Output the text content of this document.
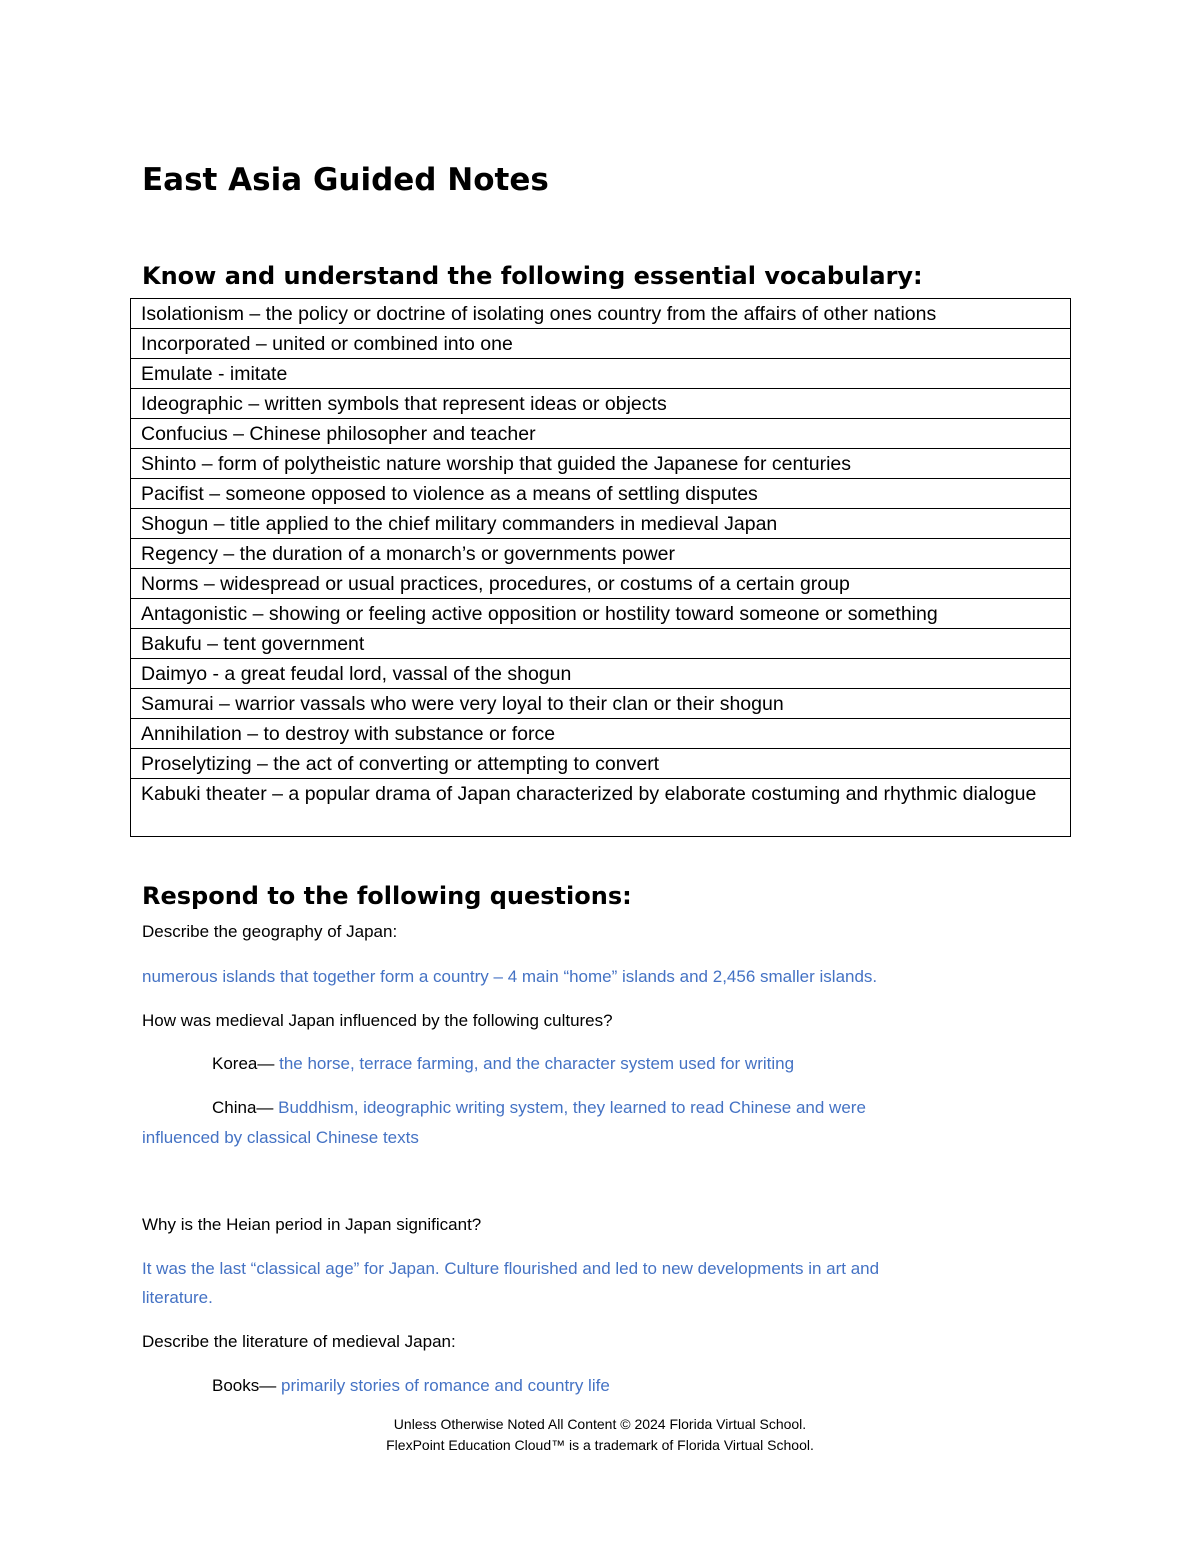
East Asia Guided Notes
Know and understand the following essential vocabulary:
Isolationism – the policy or doctrine of isolating ones country from the affairs of other nations
Incorporated – united or combined into one
Emulate - imitate
Ideographic – written symbols that represent ideas or objects
Confucius – Chinese philosopher and teacher
Shinto – form of polytheistic nature worship that guided the Japanese for centuries
Pacifist – someone opposed to violence as a means of settling disputes
Shogun – title applied to the chief military commanders in medieval Japan
Regency – the duration of a monarch’s or governments power
Norms – widespread or usual practices, procedures, or costums of a certain group
Antagonistic – showing or feeling active opposition or hostility toward someone or something
Bakufu – tent government
Daimyo - a great feudal lord, vassal of the shogun
Samurai – warrior vassals who were very loyal to their clan or their shogun
Annihilation – to destroy with substance or force
Proselytizing – the act of converting or attempting to convert
Kabuki theater – a popular drama of Japan characterized by elaborate costuming and rhythmic dialogue
Respond to the following questions:
Describe the geography of Japan:
numerous islands that together form a country – 4 main “home” islands and 2,456 smaller islands.
How was medieval Japan influenced by the following cultures?
Korea— the horse, terrace farming, and the character system used for writing
China— Buddhism, ideographic writing system, they learned to read Chinese and were
influenced by classical Chinese texts
Why is the Heian period in Japan significant?
It was the last “classical age” for Japan. Culture flourished and led to new developments in art and
literature.
Describe the literature of medieval Japan:
Books— primarily stories of romance and country life
Unless Otherwise Noted All Content © 2024 Florida Virtual School.
FlexPoint Education Cloud™ is a trademark of Florida Virtual School.
